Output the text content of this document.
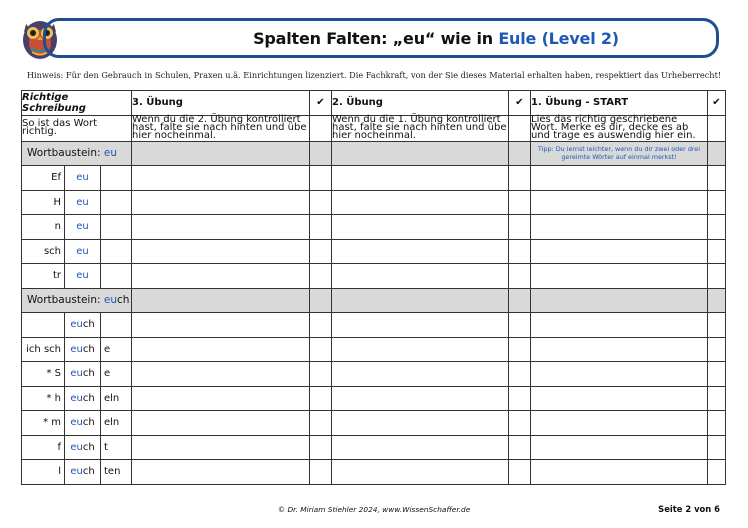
Spalten Falten: „eu“ wie in Eule (Level 2)
Hinweis: Für den Gebrauch in Schulen, Praxen u.ä. Einrichtungen lizenziert. Die Fachkraft, von der Sie dieses Material erhalten haben, respektiert das Urheberrecht!
Richtige Schreibung			3. Übung	✔	2. Übung	✔	1. Übung - START	✔
So ist das Wort richtig.			Wenn du die 2. Übung kontrolliert hast, falte sie nach hinten und übe hier nocheinmal.		Wenn du die 1. Übung kontrolliert hast, falte sie nach hinten und übe hier nocheinmal.		Lies das richtig geschriebene Wort. Merke es dir, decke es ab und trage es auswendig hier ein.	
Wortbaustein: eu							Tipp: Du lernst leichter, wenn du dir zwei oder drei gereimte Wörter auf einmal merkst!	
Ef	eu							
H	eu							
n	eu							
sch	eu							
tr	eu							
Wortbaustein: euch								
	euch							
ich sch	euch	e						
* S	euch	e						
* h	euch	eln						
* m	euch	eln						
f	euch	t						
l	euch	ten						
© Dr. Miriam Stiehler 2024, www.WissenSchaffer.de	Seite 2 von 6
